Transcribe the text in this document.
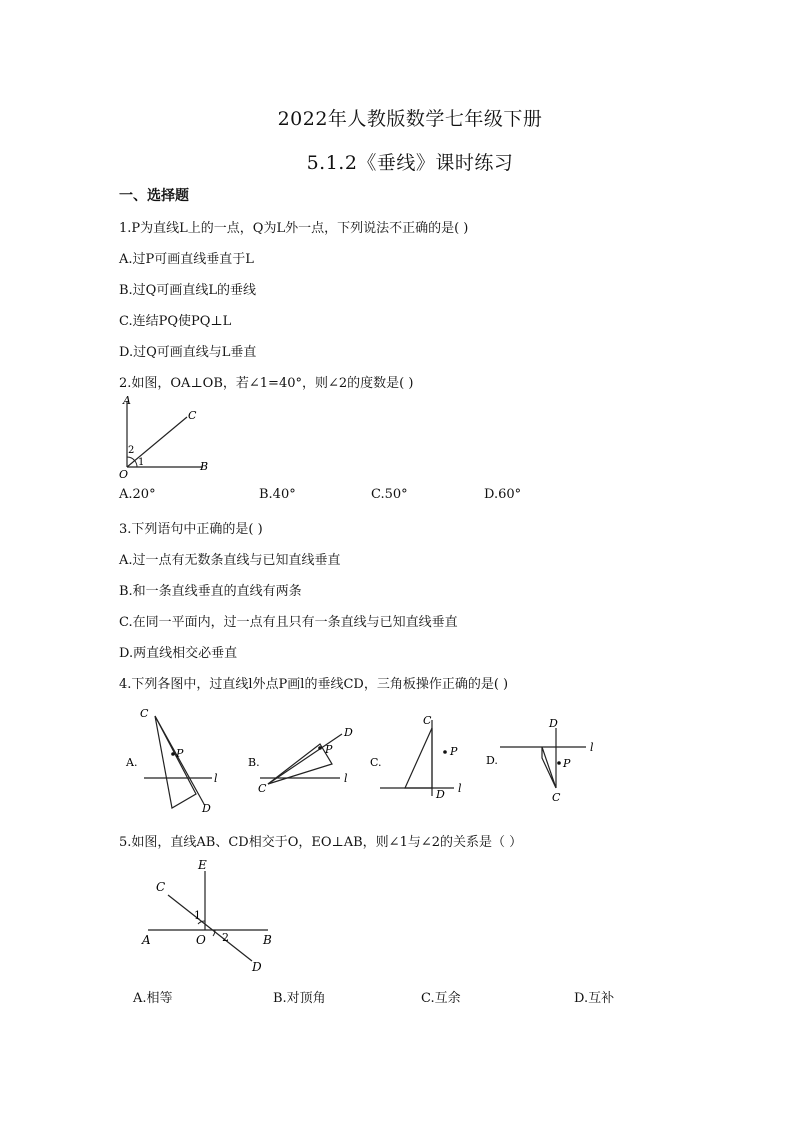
2022年人教版数学七年级下册
5.1.2《垂线》课时练习
一、选择题
1.P为直线L上的一点，Q为L外一点，下列说法不正确的是( )
A.过P可画直线垂直于L
B.过Q可画直线L的垂线
C.连结PQ使PQ⊥L
D.过Q可画直线与L垂直
2.如图，OA⊥OB，若∠1=40°，则∠2的度数是( )
A
C
B
O
2
1
A.20°	B.40°	C.50°	D.60°
3.下列语句中正确的是( )
A.过一点有无数条直线与已知直线垂直
B.和一条直线垂直的直线有两条
C.在同一平面内，过一点有且只有一条直线与已知直线垂直
D.两直线相交必垂直
4.下列各图中，过直线l外点P画l的垂线CD，三角板操作正确的是( )
A.
C
P
l
D
B.
C
P
D
l
C.
C
P
D l
D.
D
P
C
l
5.如图，直线AB、CD相交于O，EO⊥AB，则∠1与∠2的关系是（ ）
E
C
A	O	B
D
1
2
A.相等	B.对顶角	C.互余	D.互补
